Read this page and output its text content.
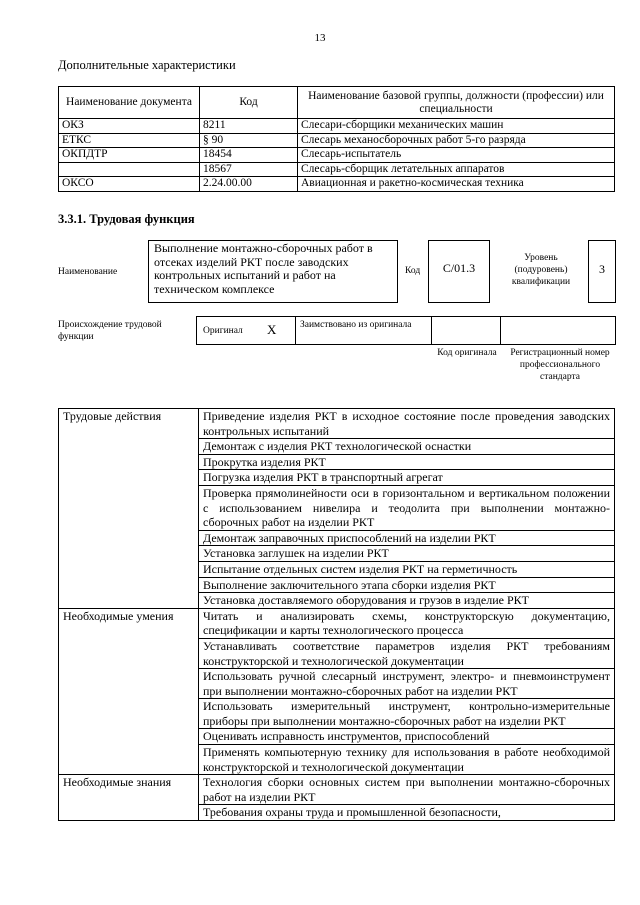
13
Дополнительные характеристики
Наименование документа	Код	Наименование базовой группы, должности (профессии) или специальности
ОКЗ	8211	Слесари-сборщики механических машин
ЕТКС	§ 90	Слесарь механосборочных работ 5-го разряда
ОКПДТР	18454	Слесарь-испытатель
	18567	Слесарь-сборщик летательных аппаратов
ОКСО	2.24.00.00	Авиационная и ракетно-космическая техника
3.3.1. Трудовая функция
Наименование
Выполнение монтажно-сборочных работ в отсеках изделий РКТ после заводских контрольных испытаний и работ на техническом комплексе
Код	С/01.3
Уровень (подуровень) квалификации
3
Происхождение трудовой функции
Оригинал X	Заимствовано из оригинала
Код оригинала	Регистрационный номер профессионального стандарта
Трудовые действия	Приведение изделия РКТ в исходное состояние после проведения заводских контрольных испытаний
	Демонтаж с изделия РКТ технологической оснастки
	Прокрутка изделия РКТ
	Погрузка изделия РКТ в транспортный агрегат
	Проверка прямолинейности оси в горизонтальном и вертикальном положении с использованием нивелира и теодолита при выполнении монтажно-сборочных работ на изделии РКТ
	Демонтаж заправочных приспособлений на изделии РКТ
	Установка заглушек на изделии РКТ
	Испытание отдельных систем изделия РКТ на герметичность
	Выполнение заключительного этапа сборки изделия РКТ
	Установка доставляемого оборудования и грузов в изделие РКТ
Необходимые умения	Читать и анализировать схемы, конструкторскую документацию, спецификации и карты технологического процесса
	Устанавливать соответствие параметров изделия РКТ требованиям конструкторской и технологической документации
	Использовать ручной слесарный инструмент, электро- и пневмоинструмент при выполнении монтажно-сборочных работ на изделии РКТ
	Использовать измерительный инструмент, контрольно-измерительные приборы при выполнении монтажно-сборочных работ на изделии РКТ
	Оценивать исправность инструментов, приспособлений
	Применять компьютерную технику для использования в работе необходимой конструкторской и технологической документации
Необходимые знания	Технология сборки основных систем при выполнении монтажно-сборочных работ на изделии РКТ
	Требования охраны труда и промышленной безопасности,
